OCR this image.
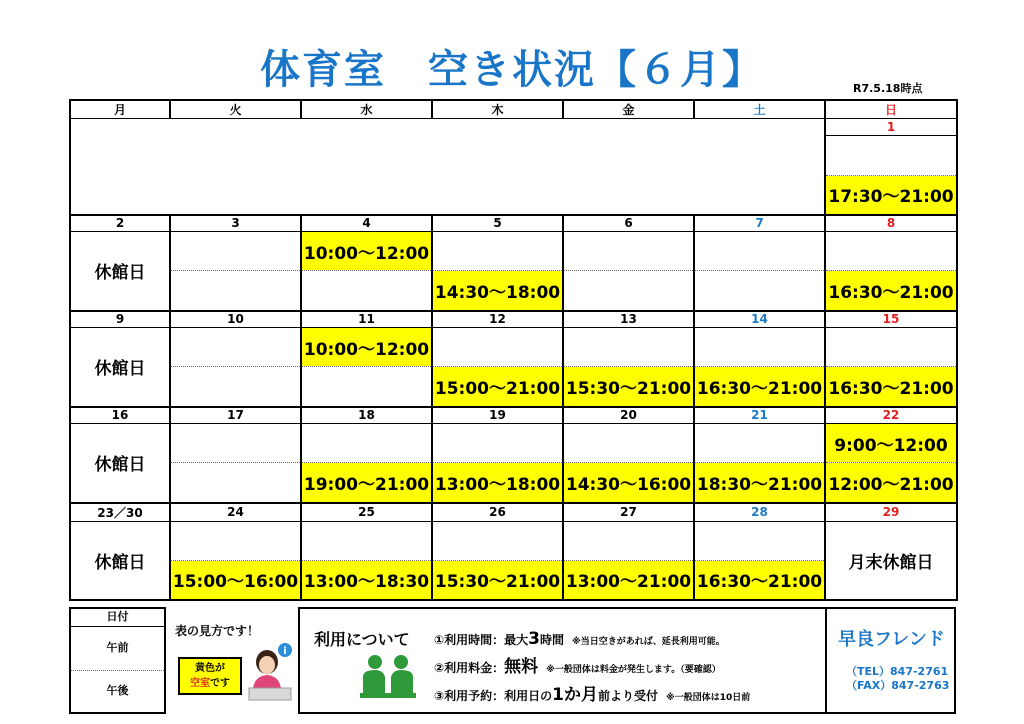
体育室　空き状況【６月】	R7.5.18時点
月	火	水	木	金	土	日
						1

						17:30～21:00
2	3	4	5	6	7	8
休館日		10:00～12:00				
			14:30～18:00			16:30～21:00
9	10	11	12	13	14	15
休館日		10:00～12:00				
			15:00～21:00	15:30～21:00	16:30～21:00	16:30～21:00
16	17	18	19	20	21	22
休館日						9:00～12:00
		19:00～21:00	13:00～18:00	14:30～16:00	18:30～21:00	12:00～21:00
23／30	24	25	26	27	28	29
休館日						月末休館日
	15:00～16:00	13:00～18:30	15:30～21:00	13:00～21:00	16:30～21:00	
日付
午前
午後
表の見方です！
黄色が
空室です
i
利用について ①利用時間：最大3時間 ※当日空きがあれば、延長利用可能。
②利用料金：無料 ※一般団体は料金が発生します。（要確認）
③利用予約：利用日の1か月前より受付 ※一般団体は10日前
早良フレンド
（TEL）847-2761
（FAX）847-2763
